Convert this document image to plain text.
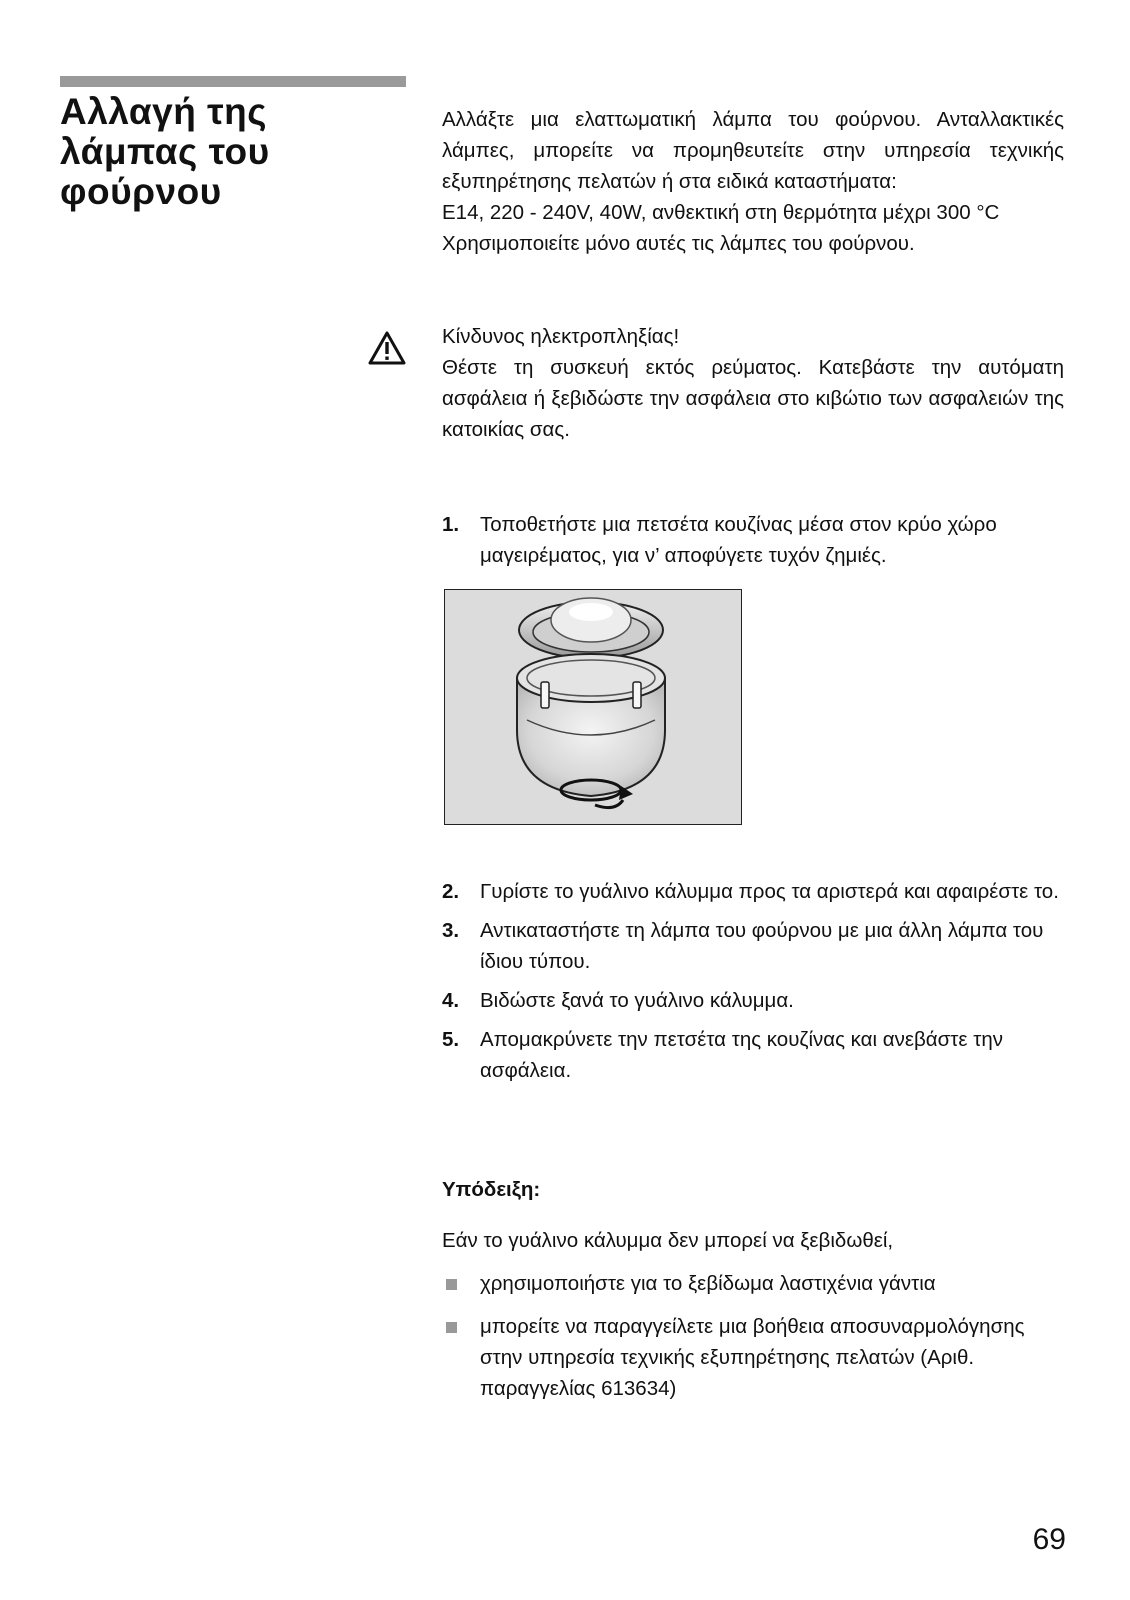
Αλλαγή της
λάμπας του
φούρνου

Αλλάξτε μια ελαττωματική λάμπα του φούρνου. Ανταλλακτικές λάμπες, μπορείτε να προμηθευτείτε στην υπηρεσία τεχνικής εξυπηρέτησης πελατών ή στα ειδικά καταστήματα:

E14, 220 - 240V, 40W, ανθεκτική στη θερμότητα μέχρι 300 °C

Χρησιμοποιείτε μόνο αυτές τις λάμπες του φούρνου.

Κίνδυνος ηλεκτροπληξίας!

Θέστε τη συσκευή εκτός ρεύματος. Κατεβάστε την αυτόματη ασφάλεια ή ξεβιδώστε την ασφάλεια στο κιβώτιο των ασφαλειών της κατοικίας σας.

1. Τοποθετήστε μια πετσέτα κουζίνας μέσα στον κρύο χώρο μαγειρέματος, για ν’ αποφύγετε τυχόν ζημιές.
2. Γυρίστε το γυάλινο κάλυμμα προς τα αριστερά και αφαιρέστε το.
3. Αντικαταστήστε τη λάμπα του φούρνου με μια άλλη λάμπα του ίδιου τύπου.
4. Βιδώστε ξανά το γυάλινο κάλυμμα.
5. Απομακρύνετε την πετσέτα της κουζίνας και ανεβάστε την ασφάλεια.

Υπόδειξη:

Εάν το γυάλινο κάλυμμα δεν μπορεί να ξεβιδωθεί,

χρησιμοποιήστε για το ξεβίδωμα λαστιχένια γάντια
μπορείτε να παραγγείλετε μια βοήθεια αποσυναρμολόγησης στην υπηρεσία τεχνικής εξυπηρέτησης πελατών (Αριθ. παραγγελίας 613634)
69
